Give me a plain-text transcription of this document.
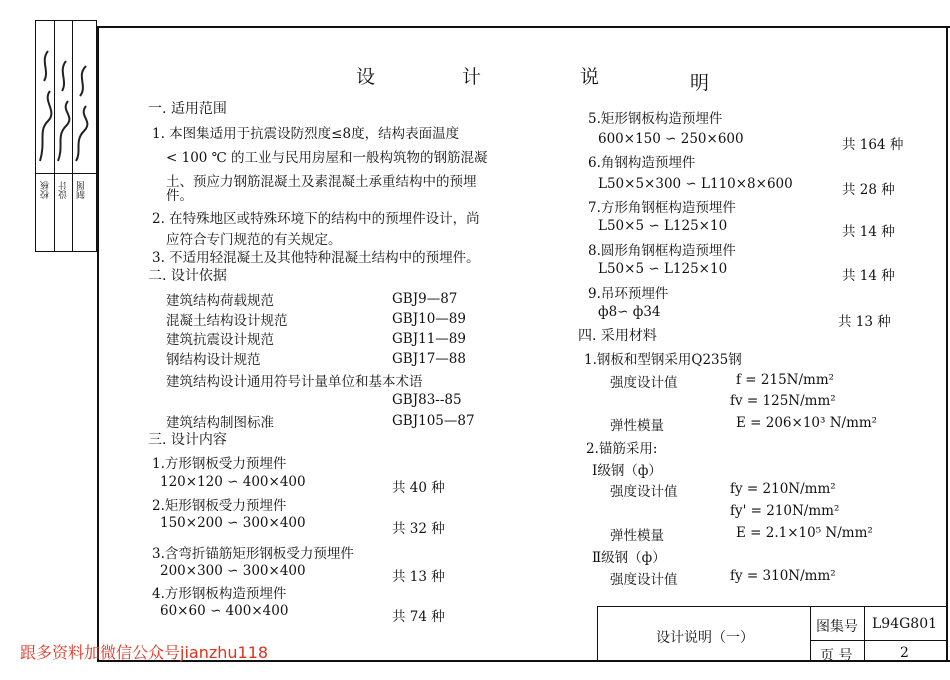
校核 设计 制图
设	计	说	明
一. 适用范围
1. 本图集适用于抗震设防烈度≤8度，结构表面温度
< 100 ℃ 的工业与民用房屋和一般构筑物的钢筋混凝
土、预应力钢筋混凝土及素混凝土承重结构中的预埋
件。
2. 在特殊地区或特殊环境下的结构中的预埋件设计，尚
应符合专门规范的有关规定。
3. 不适用轻混凝土及其他特种混凝土结构中的预埋件。
二. 设计依据
建筑结构荷载规范	GBJ9—87
混凝土结构设计规范	GBJ10—89
建筑抗震设计规范	GBJ11—89
钢结构设计规范	GBJ17—88
建筑结构设计通用符号计量单位和基本术语
GBJ83--85
建筑结构制图标准	GBJ105—87
三. 设计内容
1.方形钢板受力预埋件
120×120 ∽ 400×400	共 40 种
2.矩形钢板受力预埋件
150×200 ∽ 300×400	共 32 种
3.含弯折锚筋矩形钢板受力预埋件
200×300 ∽ 300×400	共 13 种
4.方形钢板构造预埋件
60×60 ∽ 400×400	共 74 种
5.矩形钢板构造预埋件
600×150 ∽ 250×600	共 164 种
6.角钢构造预埋件
L50×5×300 ∽ L110×8×600	共 28 种
7.方形角钢框构造预埋件
L50×5 ∽ L125×10	共 14 种
8.圆形角钢框构造预埋件
L50×5 ∽ L125×10	共 14 种
9.吊环预埋件
ф8∽ ф34
共 13 种
四. 采用材料
1.钢板和型钢采用Q235钢
强度设计值	f = 215N/mm²
fv = 125N/mm²
弹性模量	E = 206×10³ N/mm²
2.锚筋采用:
Ⅰ级钢（ф）
强度设计值	fy = 210N/mm²
fy' = 210N/mm²
弹性模量	E = 2.1×10⁵ N/mm²
Ⅱ级钢（ф）
强度设计值	fy = 310N/mm²
设计说明（一）
图集号 L94G801
页 号	2
跟多资料加微信公众号jianzhu118
